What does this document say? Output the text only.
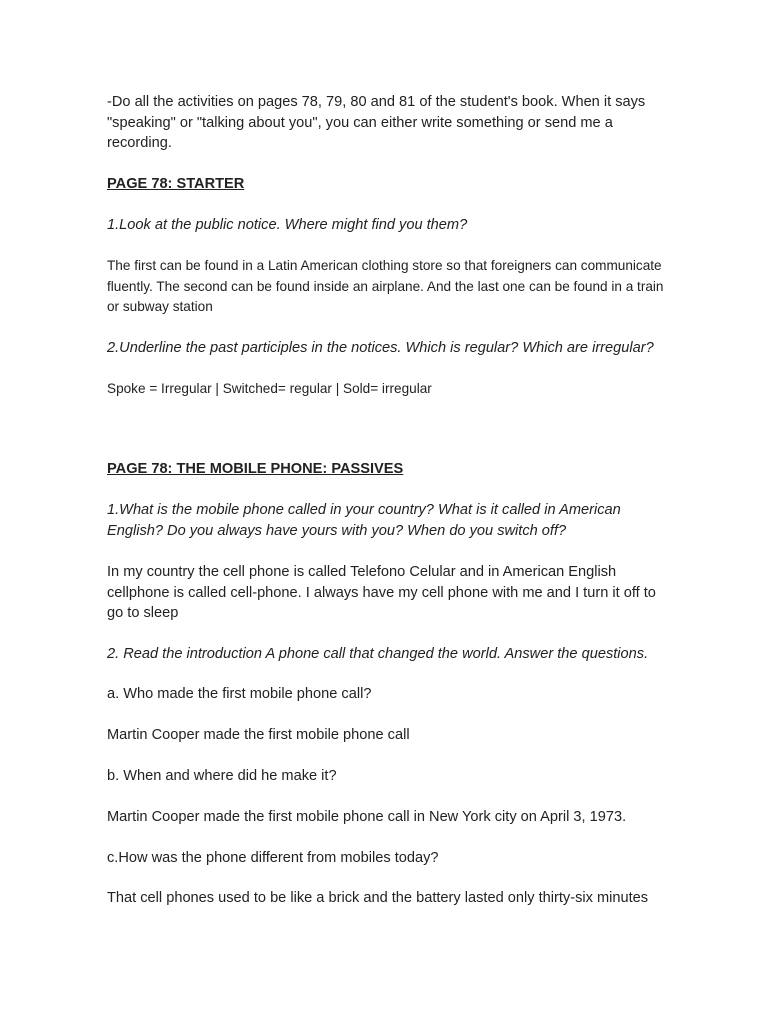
-Do all the activities on pages 78, 79, 80 and 81 of the student's book. When it says "speaking" or "talking about you", you can either write something or send me a recording.

PAGE 78: STARTER

1.Look at the public notice. Where might find you them?

The first can be found in a Latin American clothing store so that foreigners can communicate fluently. The second can be found inside an airplane. And the last one can be found in a train or subway station

2.Underline the past participles in the notices. Which is regular? Which are irregular?

Spoke = Irregular | Switched= regular | Sold= irregular

PAGE 78: THE MOBILE PHONE: PASSIVES

1.What is the mobile phone called in your country? What is it called in American English? Do you always have yours with you? When do you switch off?

In my country the cell phone is called Telefono Celular and in American English cellphone is called cell-phone. I always have my cell phone with me and I turn it off to go to sleep

2. Read the introduction A phone call that changed the world. Answer the questions.

a. Who made the first mobile phone call?

Martin Cooper made the first mobile phone call

b. When and where did he make it?

Martin Cooper made the first mobile phone call in New York city on April 3, 1973.

c.How was the phone different from mobiles today?

That cell phones used to be like a brick and the battery lasted only thirty-six minutes
